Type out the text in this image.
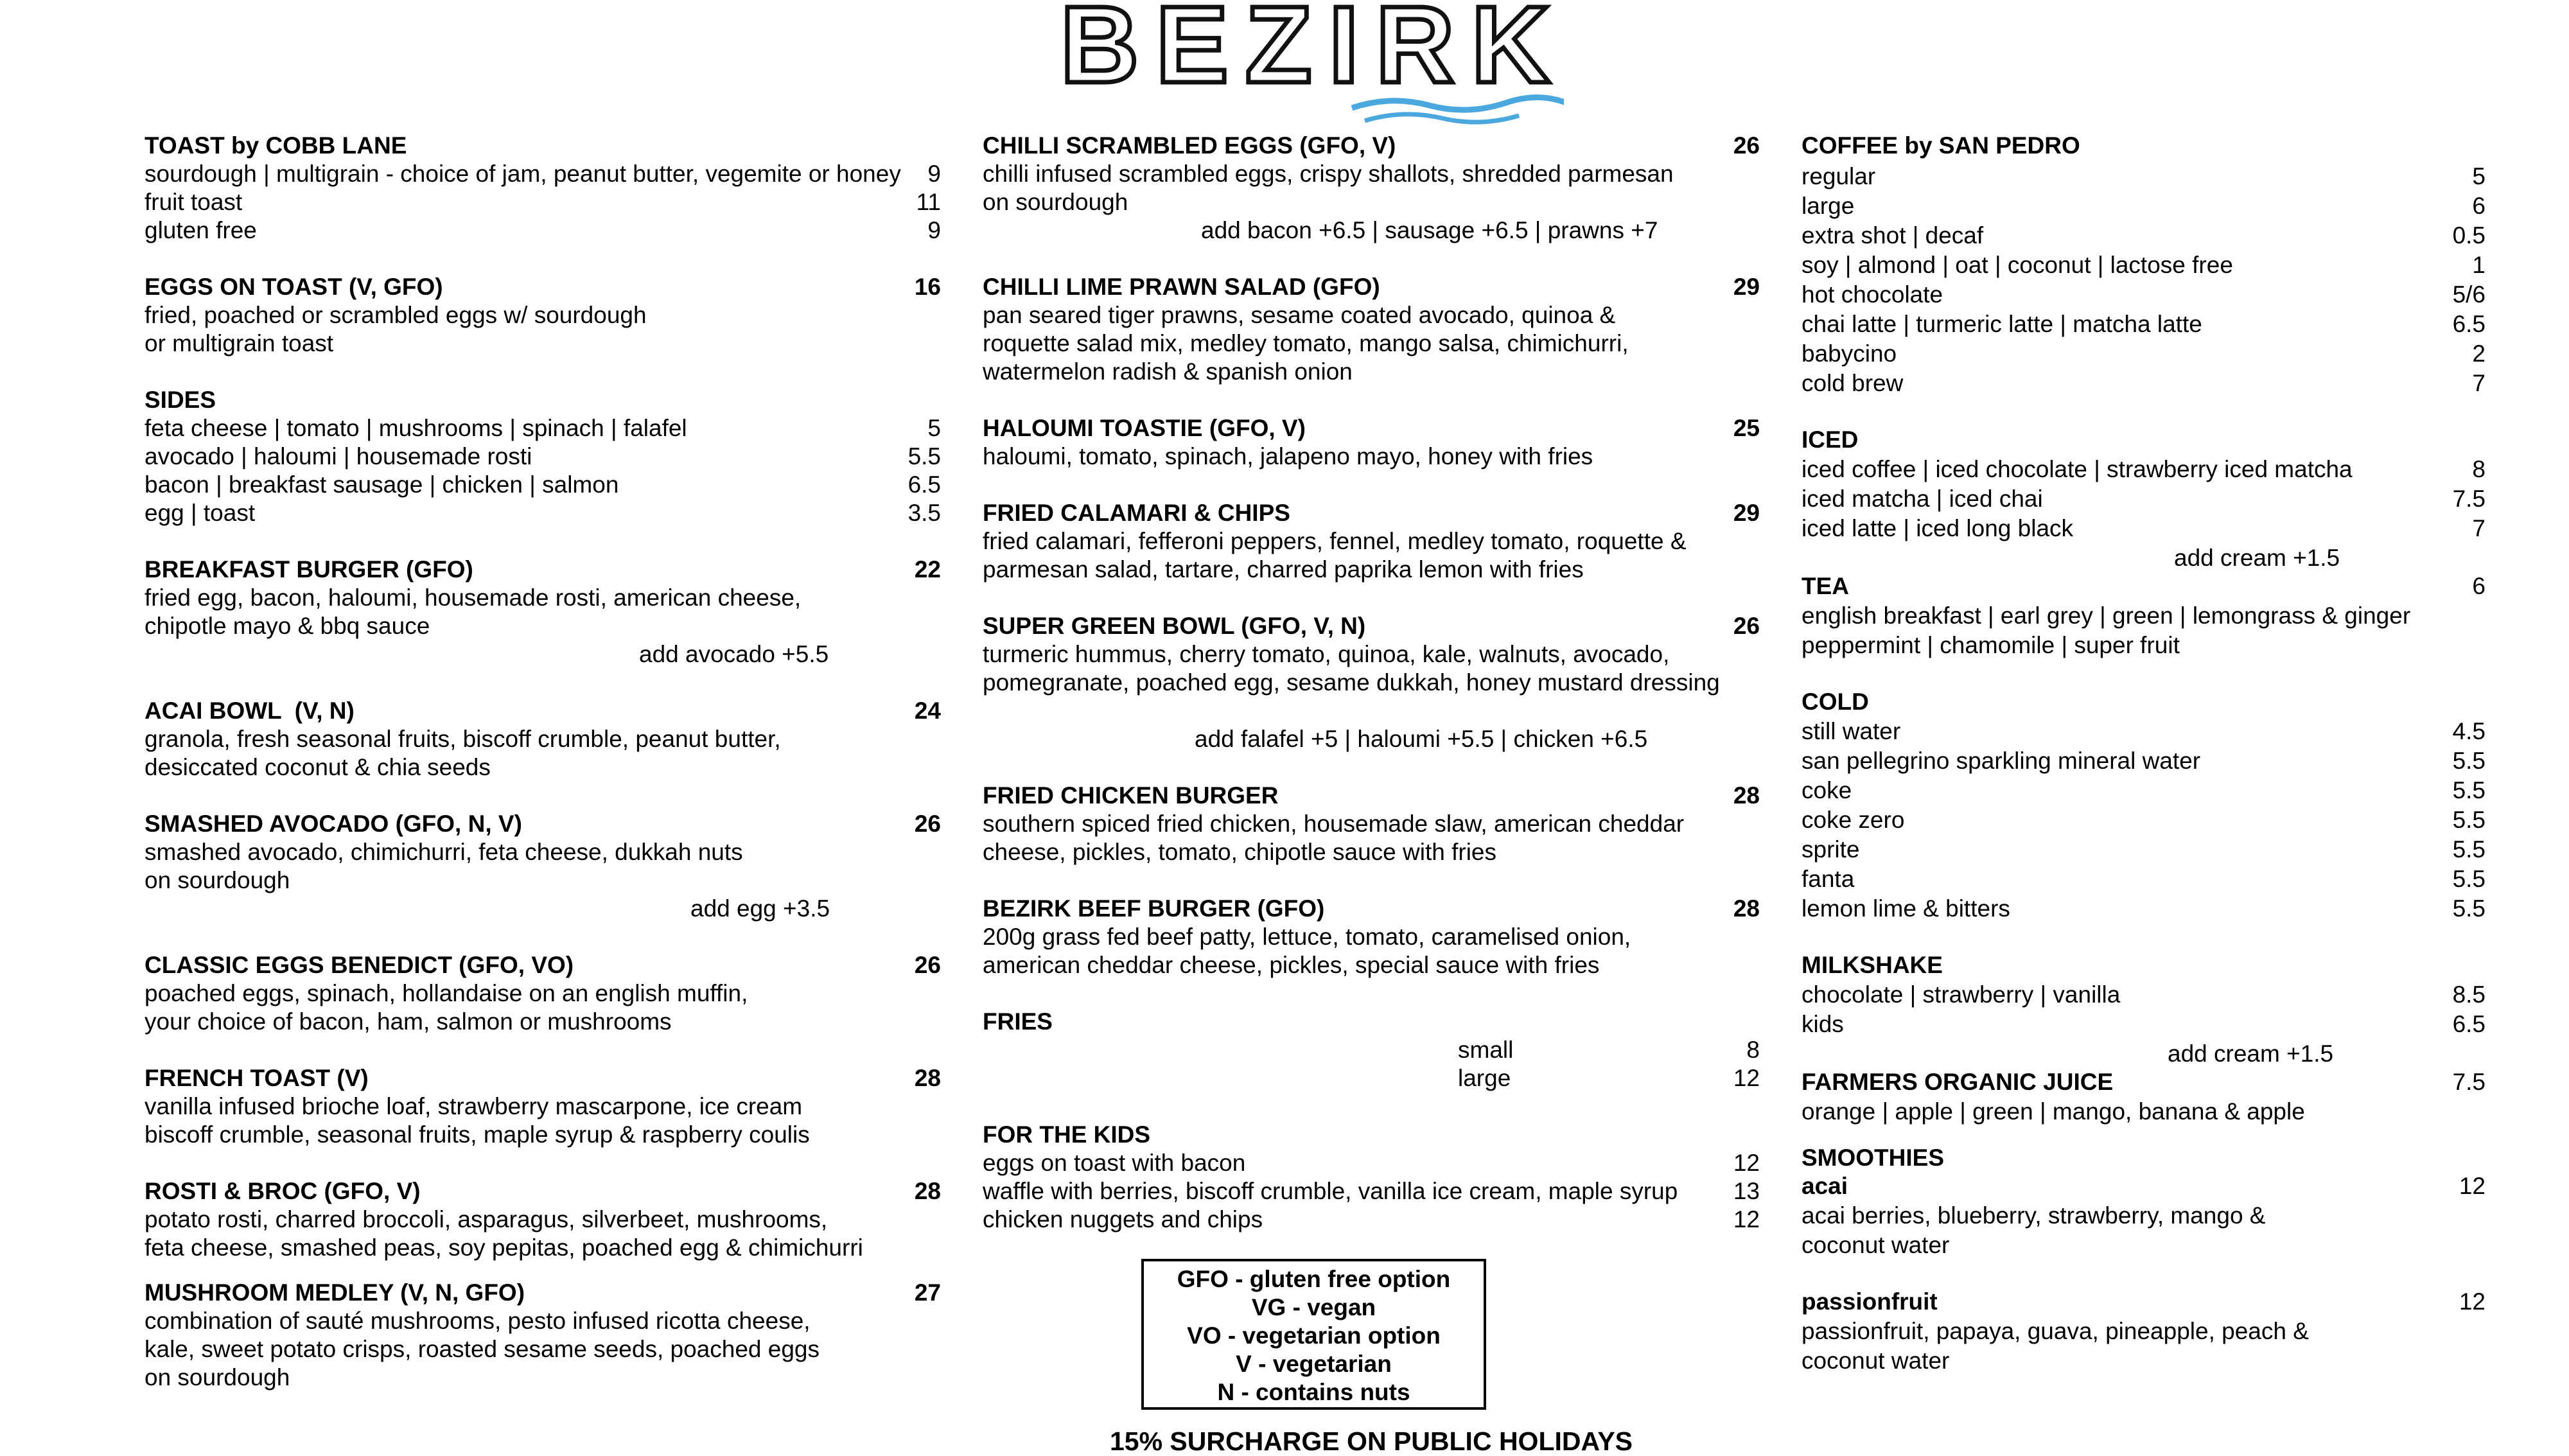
BEZIRK
TOAST by COBB LANE
sourdough | multigrain - choice of jam, peanut butter, vegemite or honey 9
fruit toast	11
gluten free	9
EGGS ON TOAST (V, GFO)	16
fried, poached or scrambled eggs w/ sourdough
or multigrain toast
SIDES
feta cheese | tomato | mushrooms | spinach | falafel	5
avocado | haloumi | housemade rosti	5.5
bacon | breakfast sausage | chicken | salmon	6.5
egg | toast	3.5
BREAKFAST BURGER (GFO)	22
fried egg, bacon, haloumi, housemade rosti, american cheese,
chipotle mayo & bbq sauce
add avocado +5.5
ACAI BOWL  (V, N)	24
granola, fresh seasonal fruits, biscoff crumble, peanut butter,
desiccated coconut & chia seeds
SMASHED AVOCADO (GFO, N, V)	26
smashed avocado, chimichurri, feta cheese, dukkah nuts
on sourdough
add egg +3.5
CLASSIC EGGS BENEDICT (GFO, VO)	26
poached eggs, spinach, hollandaise on an english muffin,
your choice of bacon, ham, salmon or mushrooms
FRENCH TOAST (V)	28
vanilla infused brioche loaf, strawberry mascarpone, ice cream
biscoff crumble, seasonal fruits, maple syrup & raspberry coulis
ROSTI & BROC (GFO, V)	28
potato rosti, charred broccoli, asparagus, silverbeet, mushrooms,
feta cheese, smashed peas, soy pepitas, poached egg & chimichurri
MUSHROOM MEDLEY (V, N, GFO)	27
combination of sauté mushrooms, pesto infused ricotta cheese,
kale, sweet potato crisps, roasted sesame seeds, poached eggs
on sourdough
CHILLI SCRAMBLED EGGS (GFO, V)	26
chilli infused scrambled eggs, crispy shallots, shredded parmesan
on sourdough
add bacon +6.5 | sausage +6.5 | prawns +7
CHILLI LIME PRAWN SALAD (GFO)	29
pan seared tiger prawns, sesame coated avocado, quinoa &
roquette salad mix, medley tomato, mango salsa, chimichurri,
watermelon radish & spanish onion
HALOUMI TOASTIE (GFO, V)	25
haloumi, tomato, spinach, jalapeno mayo, honey with fries
FRIED CALAMARI & CHIPS	29
fried calamari, fefferoni peppers, fennel, medley tomato, roquette &
parmesan salad, tartare, charred paprika lemon with fries
SUPER GREEN BOWL (GFO, V, N)	26
turmeric hummus, cherry tomato, quinoa, kale, walnuts, avocado,
pomegranate, poached egg, sesame dukkah, honey mustard dressing
add falafel +5 | haloumi +5.5 | chicken +6.5
FRIED CHICKEN BURGER	28
southern spiced fried chicken, housemade slaw, american cheddar
cheese, pickles, tomato, chipotle sauce with fries
BEZIRK BEEF BURGER (GFO)	28
200g grass fed beef patty, lettuce, tomato, caramelised onion,
american cheddar cheese, pickles, special sauce with fries
FRIES
small	8
large	12
FOR THE KIDS
eggs on toast with bacon	12
waffle with berries, biscoff crumble, vanilla ice cream, maple syrup 13
chicken nuggets and chips	12
GFO - gluten free option
VG - vegan
VO - vegetarian option
V - vegetarian
N - contains nuts
15% SURCHARGE ON PUBLIC HOLIDAYS
COFFEE by SAN PEDRO
regular	5
large	6
extra shot | decaf	0.5
soy | almond | oat | coconut | lactose free	1
hot chocolate	5/6
chai latte | turmeric latte | matcha latte	6.5
babycino	2
cold brew	7
ICED
iced coffee | iced chocolate | strawberry iced matcha	8
iced matcha | iced chai	7.5
iced latte | iced long black	7
add cream +1.5
TEA	6
english breakfast | earl grey | green | lemongrass & ginger
peppermint | chamomile | super fruit
COLD
still water	4.5
san pellegrino sparkling mineral water	5.5
coke	5.5
coke zero	5.5
sprite	5.5
fanta	5.5
lemon lime & bitters	5.5
MILKSHAKE
chocolate | strawberry | vanilla	8.5
kids	6.5
add cream +1.5
FARMERS ORGANIC JUICE	7.5
orange | apple | green | mango, banana & apple
SMOOTHIES
acai	12
acai berries, blueberry, strawberry, mango &
coconut water
passionfruit	12
passionfruit, papaya, guava, pineapple, peach &
coconut water
